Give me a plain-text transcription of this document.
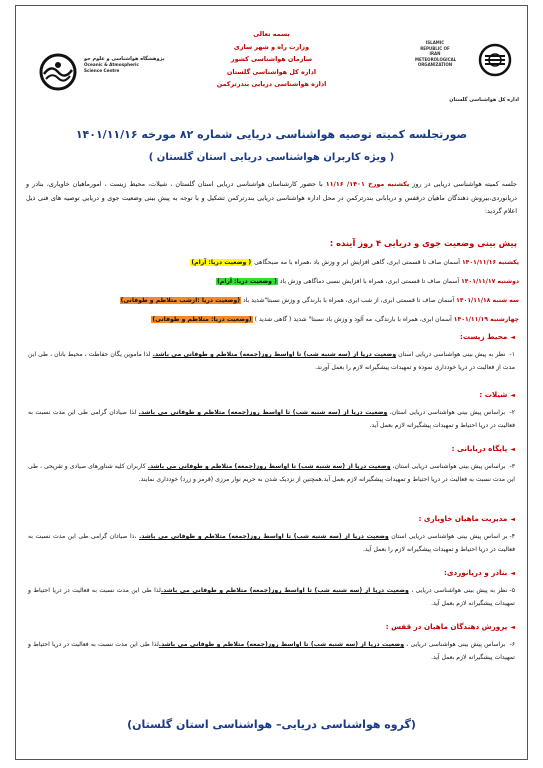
پژوهشگاه هواشناسی و علوم جو
Oceanic & Atmospheric
Science Centre
بسمه تعالی
وزارت راه و شهر سازی
سازمان هواشناسی کشور
اداره کل هواشناسی گلستان
اداره هواشناسی دریایی بندرترکمن
ISLAMIC REPUBLIC OF IRAN
METEOROLOGICAL
ORGANIZATION
اداره کل هواشناسی گلستان
صورتجلسه کمیته توصیه هواشناسی دریایی شماره ۸۲ مورخه ۱۴۰۱/۱۱/۱۶
( ویژه کاربران هواشناسی دریایی استان گلستان )
جلسه کمیته هواشناسی دریایی در روز یکشنبه مورخ ۱۴۰۱/ ۱۱/۱۶ با حضور کارشناسان هواشناسی دریایی استان گلستان ، شیلات، محیط زیست ، امورماهیان خاویاری، بنادر و دریانوردی،بیروش دهندگان ماهیان درقفس و دریابانی بندرترکمن در محل اداره هواشناسی دریایی بندرترکمن تشکیل و با توجه به پیش بینی وضعیت جوی و دریایی توصیه های فنی ذیل اعلام گردید:
پیش بینی وضعیت جوی و دریایی ۴ روز آینده :
یکشنبه ۱۴۰۱/۱۱/۱۶ آسمان صاف تا قسمتی ابری، گاهی افزایش ابر و وزش باد ،همراه با مه صبحگاهی ( وضعیت دریا: آرام)
دوشنبه ۱۴۰۱/۱۱/۱۷ آسمان صاف تا قسمتی ابری، همراه با افزایش نسبی دماگاهی وزش باد ( وضعیت دریا: آرام)
سه شنبه ۱۴۰۱/۱۱/۱۸ آسمان صاف تا قسمتی ابری، از شب ابری، همراه با بارندگی و وزش نسبتا"شدید باد (وضعیت دریا :ازشب متلاطم و طوفانی)
چهارشنبه ۱۴۰۱/۱۱/۱۹ آسمان ابری، همراه با بارندگی، مه آلود و وزش باد نسبتا" شدید ( گاهی شدید ) (وضعیت دریا: متلاطم و طوفانی)
◄محیط زیست:
۱- نظر به پیش بینی هواشناسی دریایی استان وضعیت دریا از (سه شنبه شب) تا اواسط روز(جمعه) متلاطم و طوفانی می باشد. لذا ماموین یگان حفاظت ، محیط بانان ، طی این مدت از فعالیت در دریا خودداری نموده و تمهیدات پیشگیرانه لازم را بعمل آورند.
◄شیلات :
۲- براساس پیش بینی هواشناسی دریایی استان، وضعیت دریا از (سه شنبه شب) تا اواسط روز(جمعه) متلاطم و طوفانی می باشد. لذا صیادان گرامی طی این مدت نسبت به فعالیت در دریا احتیاط و تمهیدات پیشگیرانه لازم بعمل آید.
◄پایگاه دریابانی :
۳- براساس پیش بینی هواشناسی دریایی استان، وضعیت دریا از (سه شنبه شب) تا اواسط روز(جمعه) متلاطم و طوفانی می باشد. کاربران کلیه شناورهای صیادی و تفریحی ، طی این مدت نسبت به فعالیت در دریا احتیاط و تمهیدات پیشگیرانه لازم بعمل آید.همچنین از نزدیک شدن به حریم نوار مرزی (قرمز و زرد) خودداری نمایند.
◄مدیریت ماهیان خاویاری :
۴-بر اساس پیش بینی هواشناسی دریایی استان وضعیت دریا از (سه شنبه شب) تا اواسط روز(جمعه) متلاطم و طوفانی می باشد. ،ذا صیادان گرامی طی این مدت نسبت به فعالیت در دریا احتیاط و تمهیدات پیشگیرانه لازم را بعمل آید.
◄بنادر و دریانوردی:
۵-نظر به پیش بینی هواشناسی دریایی ، وضعیت دریا از (سه شنبه شب) تا اواسط روز(جمعه) متلاطم و طوفانی می باشد.لذا طی این مدت نسبت به فعالیت در دریا احتیاط و تمهیدات پیشگیرانه لازم بعمل آید.
◄پرورش دهندگان ماهیان در قفس :
۶- براساس پیش بینی هواشناسی دریایی ، وضعیت دریا از (سه شنبه شب) تا اواسط روز(جمعه) متلاطم و طوفانی می باشد.لذا طی این مدت نسبت به فعالیت در دریا احتیاط و تمهیدات پیشگیرانه لازم بعمل آید.
(گروه هواشناسی دریایی– هواشناسی استان گلستان)
